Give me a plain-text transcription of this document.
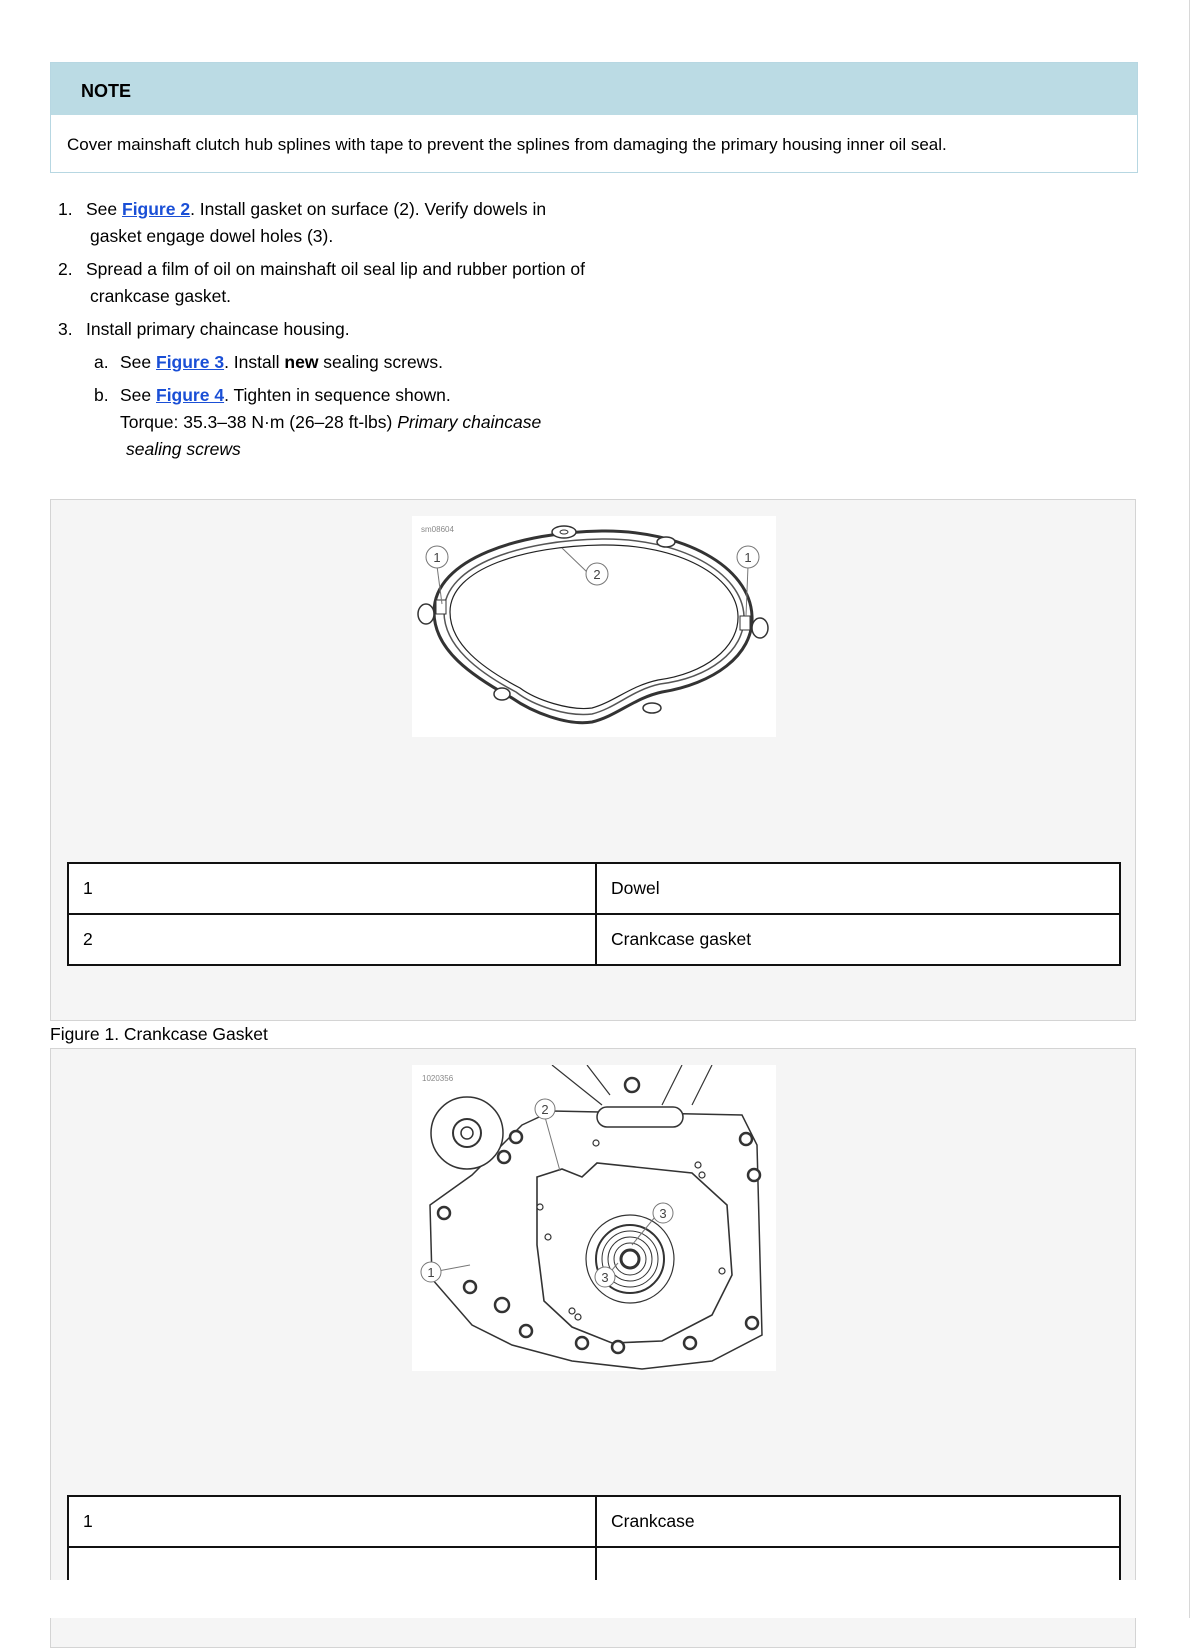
NOTE
Cover mainshaft clutch hub splines with tape to prevent the splines from damaging the primary housing inner oil seal.
1. See Figure 2. Install gasket on surface (2). Verify dowels in
gasket engage dowel holes (3).
2. Spread a film of oil on mainshaft oil seal lip and rubber portion of
crankcase gasket.
3. Install primary chaincase housing.
a. See Figure 3. Install new sealing screws.
b. See Figure 4. Tighten in sequence shown.
Torque: 35.3–38 N·m (26–28 ft-lbs) Primary chaincase
sealing screws
sm08604
1
2
1
1	Dowel
2	Crankcase gasket
Figure 1. Crankcase Gasket
1020356
2
1
3
3
1	Crankcase
